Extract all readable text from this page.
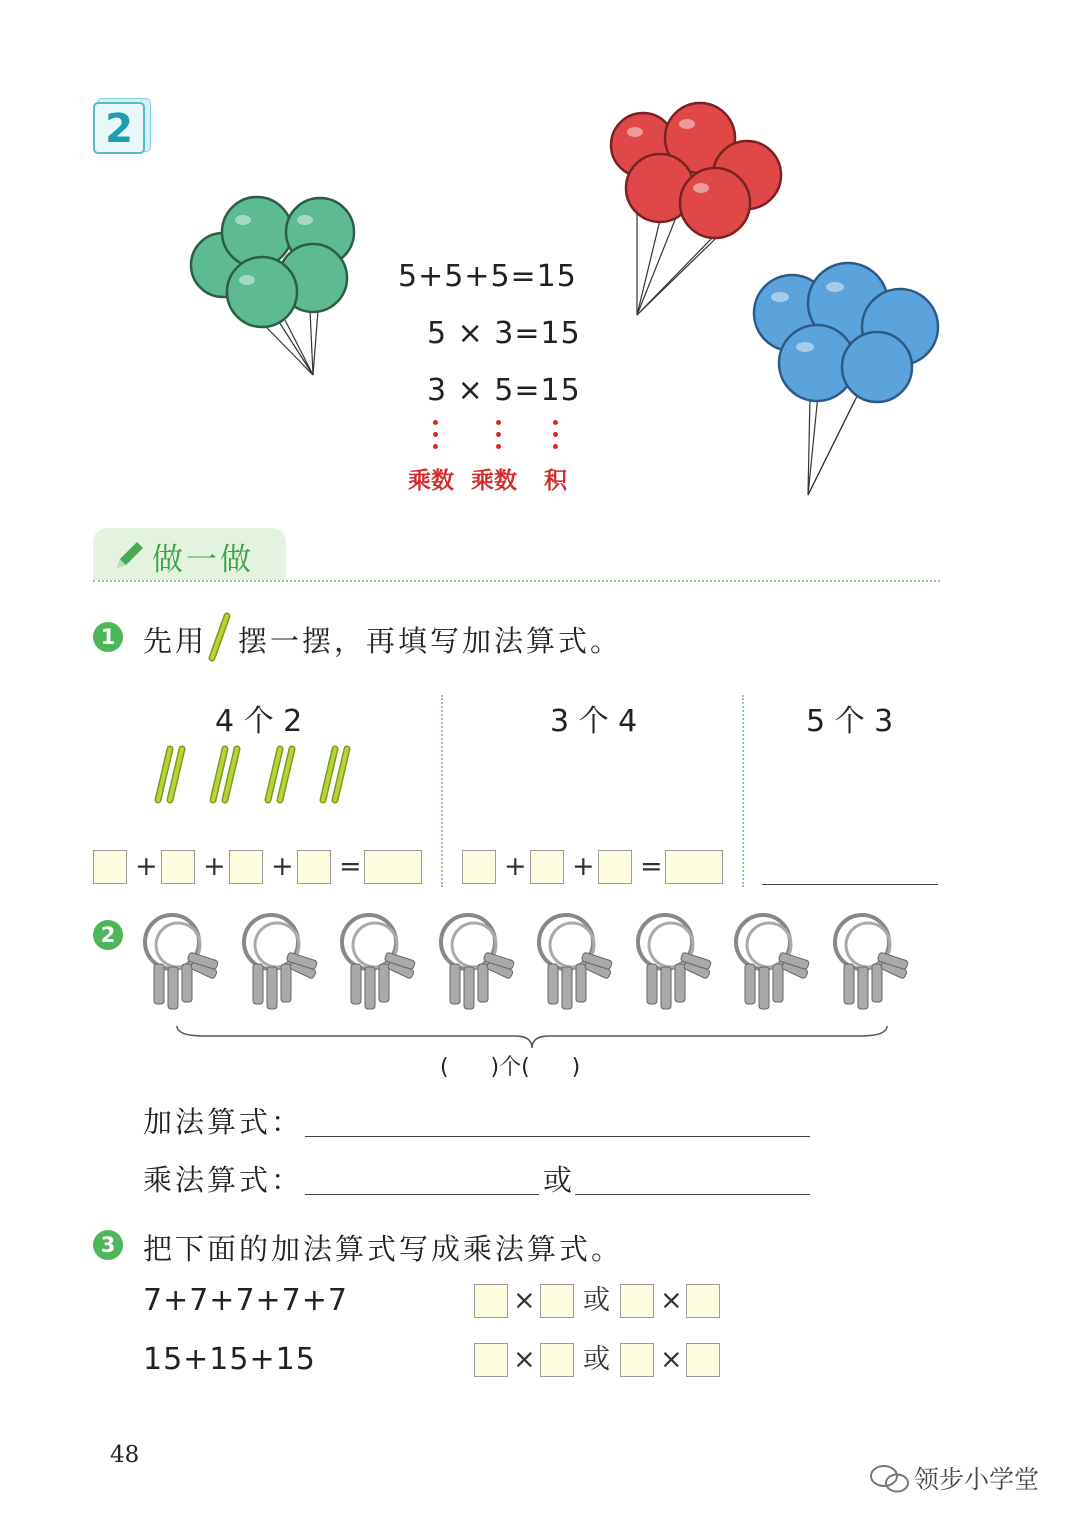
2
5+5+5=15
5 × 3=15
3 × 5=15
乘数 乘数 积
做一做
1 先用 摆一摆，再填写加法算式。
4 个 2	3 个 4	5 个 3
+ + + =	+ + =
2
(      )个(      )
加法算式：
乘法算式：	或
3 把下面的加法算式写成乘法算式。
7+7+7+7+7	× 或 ×
15+15+15	× 或 ×
48
领步小学堂
